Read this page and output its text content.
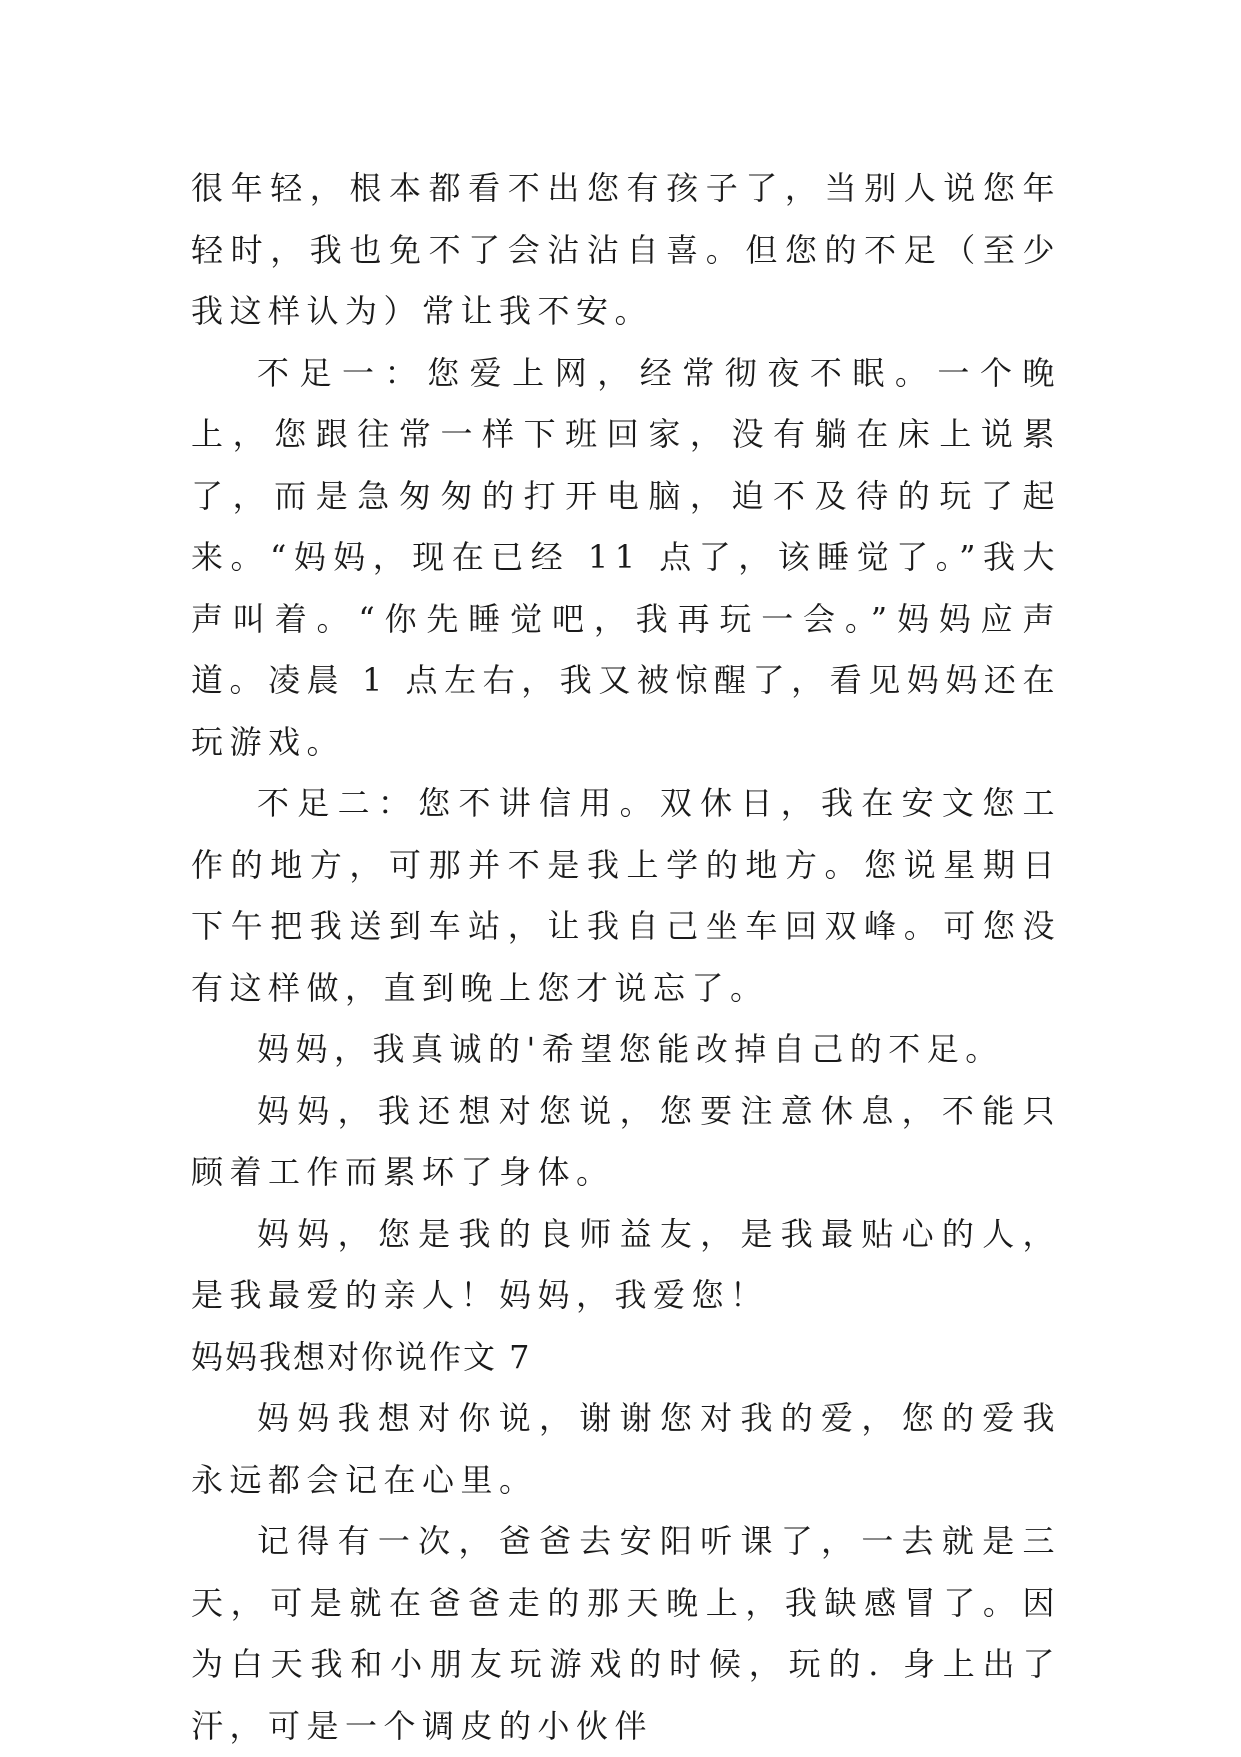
很年轻，根本都看不出您有孩子了，当别人说您年轻时，我也免不了会沾沾自喜。但您的不足（至少我这样认为）常让我不安。

不足一：您爱上网，经常彻夜不眠。一个晚上，您跟往常一样下班回家，没有躺在床上说累了，而是急匆匆的打开电脑，迫不及待的玩了起来。“妈妈，现在已经 11 点了，该睡觉了。”我大声叫着。“你先睡觉吧，我再玩一会。”妈妈应声道。凌晨 1 点左右，我又被惊醒了，看见妈妈还在玩游戏。

不足二：您不讲信用。双休日，我在安文您工作的地方，可那并不是我上学的地方。您说星期日下午把我送到车站，让我自己坐车回双峰。可您没有这样做，直到晚上您才说忘了。

妈妈，我真诚的'希望您能改掉自己的不足。

妈妈，我还想对您说，您要注意休息，不能只顾着工作而累坏了身体。

妈妈，您是我的良师益友，是我最贴心的人，是我最爱的亲人！妈妈，我爱您！

妈妈我想对你说作文 7

妈妈我想对你说，谢谢您对我的爱，您的爱我永远都会记在心里。

记得有一次，爸爸去安阳听课了，一去就是三天，可是就在爸爸走的那天晚上，我缺感冒了。因为白天我和小朋友玩游戏的时候，玩的. 身上出了汗，可是一个调皮的小伙伴
